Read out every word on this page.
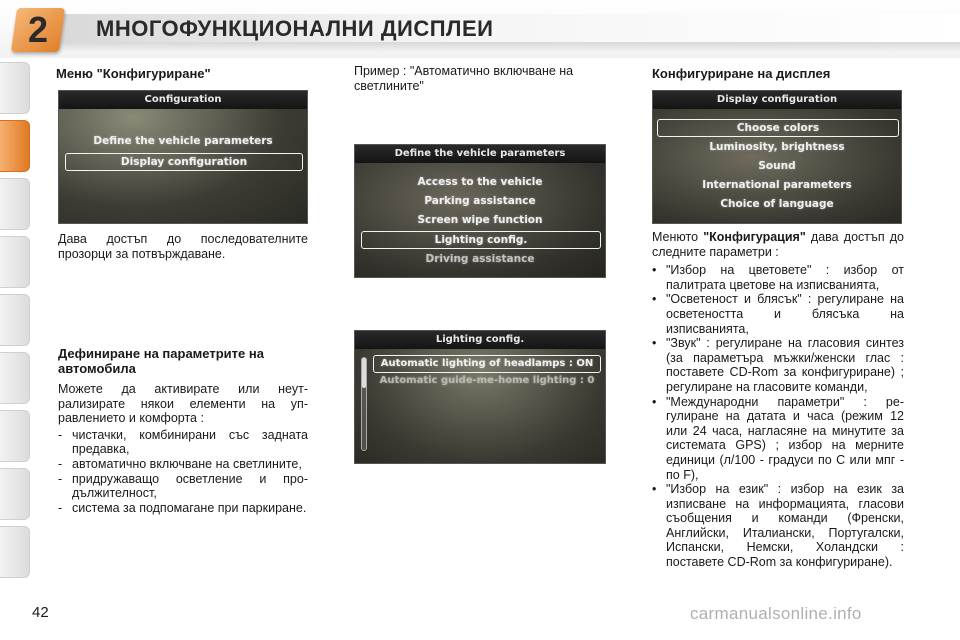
2	МНОГОФУНКЦИОНАЛНИ ДИСПЛЕИ
Меню "Конфигуриране"
Configuration
Define the vehicle parameters
Display configuration

Дава достъп до последователните прозорци за потвърждаване.

Дефиниране на параметрите на автомобила

Можете да активирате или неутрализирате някои елементи на управлението и комфорта :

- чистачки, комбинирани със задната предавка,
- автоматично включване на светлините,
- придружаващо осветление и продължителност,
- система за подпомагане при паркиране.

Пример : "Автоматично включване на светлините"

Define the vehicle parameters
Access to the vehicle
Parking assistance
Screen wipe function
Lighting config.
Driving assistance
Lighting config.
Automatic lighting of headlamps : ON
Automatic guide-me-home lighting : 0
Конфигуриране на дисплея
Display configuration
Choose colors
Luminosity, brightness
Sound
International parameters
Choice of language

Менюто "Конфигурация" дава достъп до следните параметри :

• "Избор на цветовете" : избор от палитрата цветове на изписванията,
• "Осветеност и блясък" : регулиране на осветеността и блясъка на изписванията,
• "Звук" : регулиране на гласовия синтез (за параметъра мъжки/женски глас : поставете CD-Rom за конфигуриране) ; регулиране на гласовите команди,
• "Международни параметри" : регулиране на датата и часа (режим 12 или 24 часа, нагласяне на минутите за системата GPS) ; избор на мерните единици (л/100 - градуси по С или мпг - по F),
• "Избор на език" : избор на език за изписване на информацията, гласови съобщения и команди (Френски, Английски, Италиански, Португалски, Испански, Немски, Холандски : поставете CD-Rom за конфигуриране).
42	carmanualsonline.info
